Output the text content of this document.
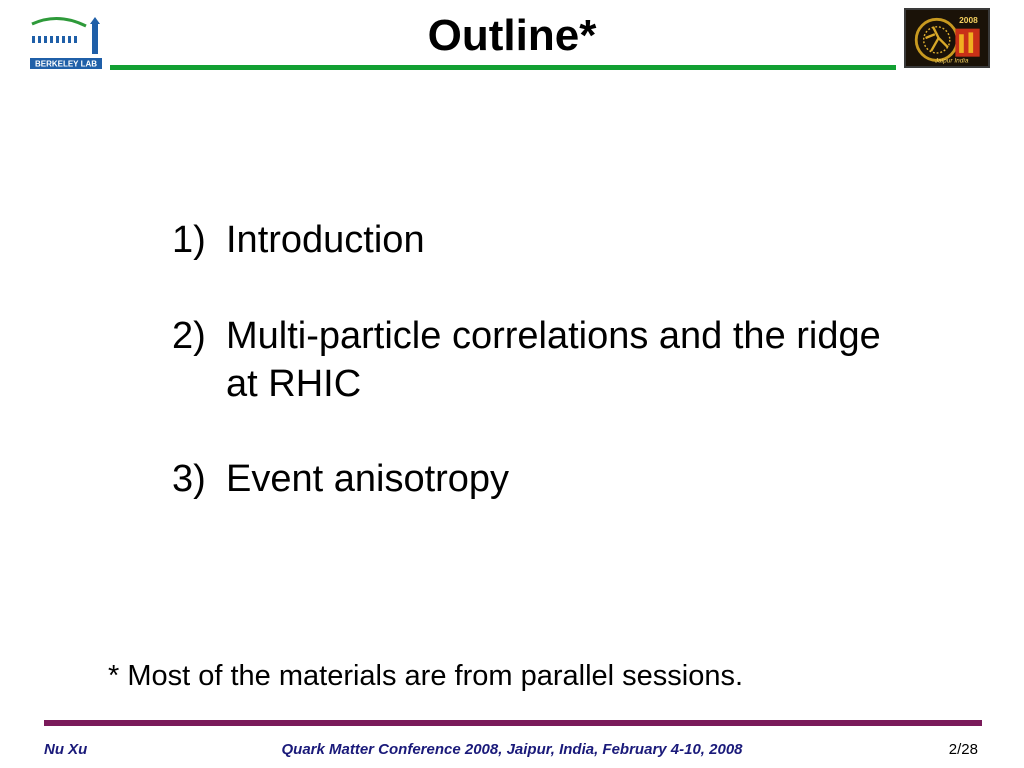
BERKELEY LAB
Outline*	2008
Jaipur India
1) Introduction
2) Multi-particle correlations and the ridge at RHIC
3) Event anisotropy

* Most of the materials are from parallel sessions.

Quark Matter Conference 2008, Jaipur, India, February 4-10, 2008
Nu Xu	2/28
